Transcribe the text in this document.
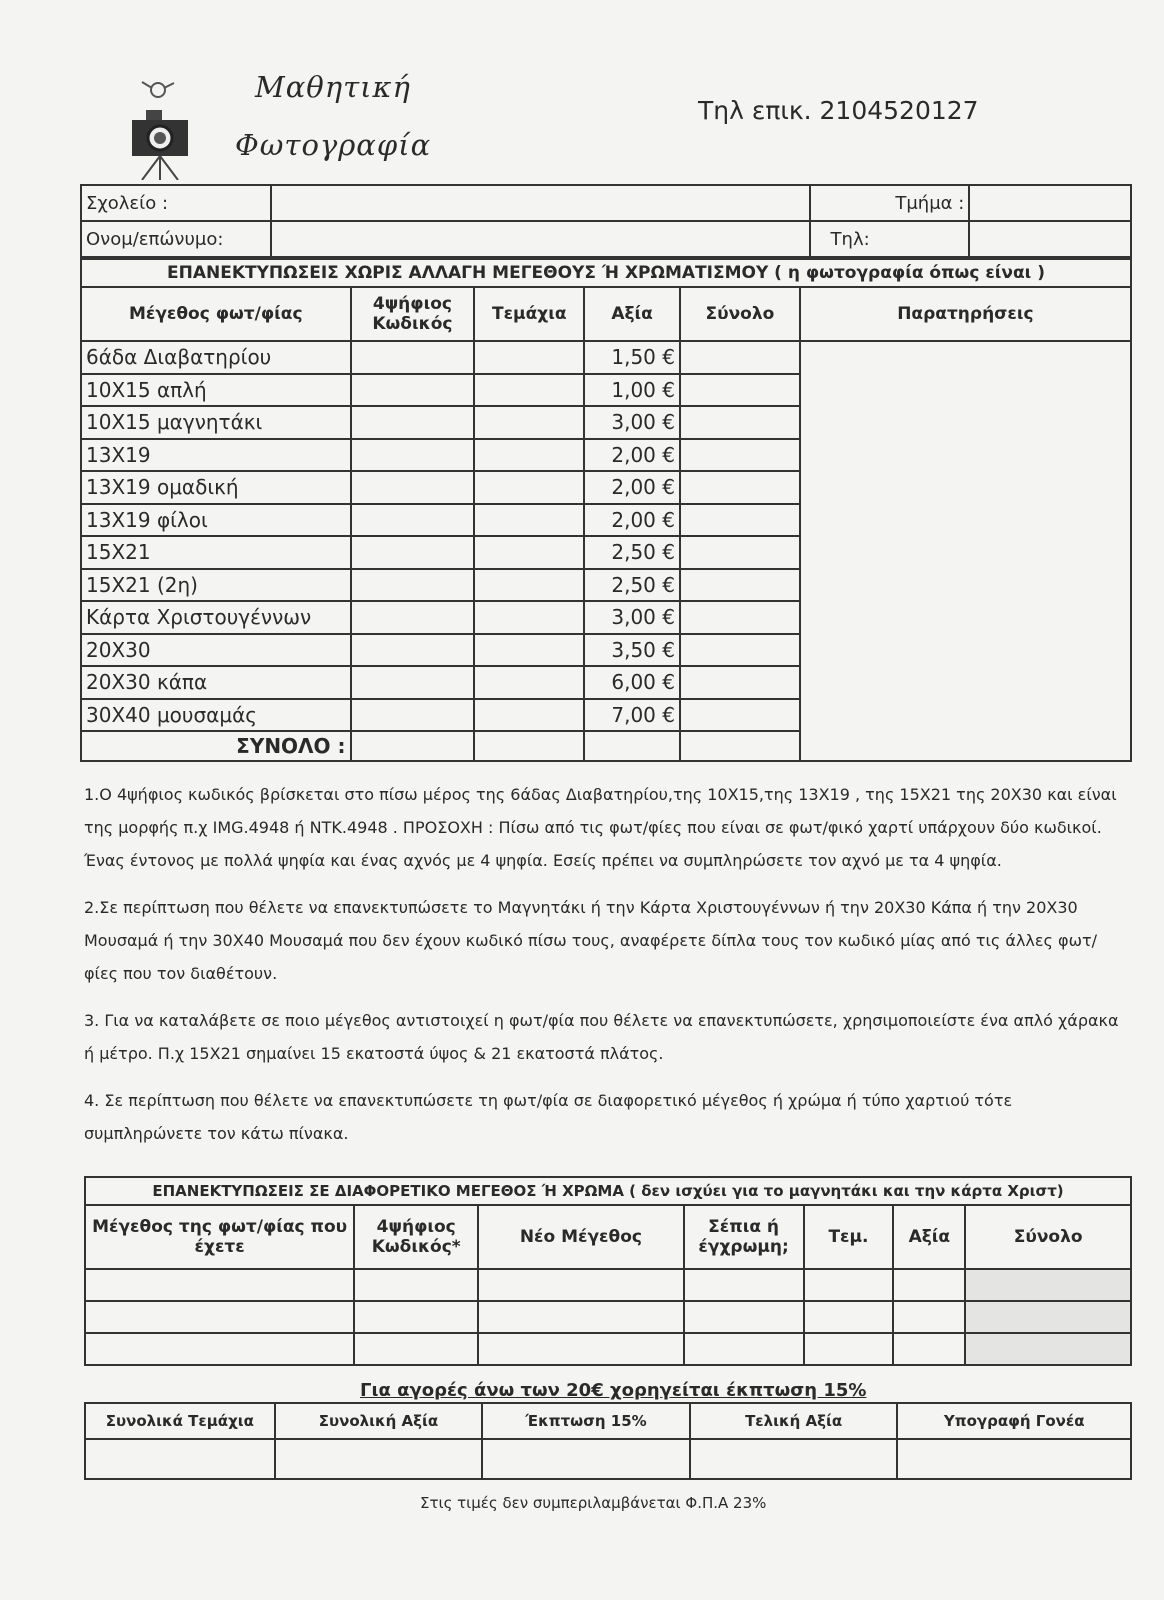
Μαθητική
Φωτογραφία
Τηλ επικ. 2104520127
Σχολείο :		Τμήμα :	
Ονομ/επώνυμο:		Τηλ:	
ΕΠΑΝΕΚΤΥΠΩΣΕΙΣ ΧΩΡΙΣ ΑΛΛΑΓΗ ΜΕΓΕΘΟΥΣ Ή ΧΡΩΜΑΤΙΣΜΟΥ ( η φωτογραφία όπως είναι )					
Μέγεθος φωτ/φίας	4ψήφιος Κωδικός	Τεμάχια	Αξία	Σύνολο	Παρατηρήσεις
6άδα Διαβατηρίου			1,50 €		
10Χ15 απλή			1,00 €		
10Χ15 μαγνητάκι			3,00 €		
13Χ19			2,00 €		
13Χ19 ομαδική			2,00 €		
13Χ19 φίλοι			2,00 €		
15Χ21			2,50 €		
15Χ21 (2η)			2,50 €		
Κάρτα Χριστουγέννων			3,00 €		
20Χ30			3,50 €		
20Χ30 κάπα			6,00 €		
30Χ40 μουσαμάς			7,00 €		
ΣΥΝΟΛΟ :					

1.Ο 4ψήφιος κωδικός βρίσκεται στο πίσω μέρος της 6άδας Διαβατηρίου,της 10Χ15,της 13Χ19 , της 15Χ21 της 20Χ30 και είναι της μορφής π.χ IMG.4948 ή NTK.4948 . ΠΡΟΣΟΧΗ : Πίσω από τις φωτ/φίες που είναι σε φωτ/φικό χαρτί υπάρχουν δύο κωδικοί. Ένας έντονος με πολλά ψηφία και ένας αχνός με 4 ψηφία. Εσείς πρέπει να συμπληρώσετε τον αχνό με τα 4 ψηφία.

2.Σε περίπτωση που θέλετε να επανεκτυπώσετε το Μαγνητάκι ή την Κάρτα Χριστουγέννων ή την 20Χ30 Κάπα ή την 20Χ30 Μουσαμά ή την 30Χ40 Μουσαμά που δεν έχουν κωδικό πίσω τους, αναφέρετε δίπλα τους τον κωδικό μίας από τις άλλες φωτ/φίες που τον διαθέτουν.

3. Για να καταλάβετε σε ποιο μέγεθος αντιστοιχεί η φωτ/φία που θέλετε να επανεκτυπώσετε, χρησιμοποιείστε ένα απλό χάρακα ή μέτρο. Π.χ 15Χ21 σημαίνει 15 εκατοστά ύψος & 21 εκατοστά πλάτος.

4. Σε περίπτωση που θέλετε να επανεκτυπώσετε τη φωτ/φία σε διαφορετικό μέγεθος ή χρώμα ή τύπο χαρτιού τότε συμπληρώνετε τον κάτω πίνακα.

ΕΠΑΝΕΚΤΥΠΩΣΕΙΣ ΣΕ ΔΙΑΦΟΡΕΤΙΚΟ ΜΕΓΕΘΟΣ Ή ΧΡΩΜΑ ( δεν ισχύει για το μαγνητάκι και την κάρτα Χριστ)						
Μέγεθος της φωτ/φίας που έχετε	4ψήφιος Κωδικός*	Νέο Μέγεθος	Σέπια ή έγχρωμη;	Τεμ.	Αξία	Σύνολο

Για αγορές άνω των 20€ χορηγείται έκπτωση 15%
Συνολικά Τεμάχια	Συνολική Αξία	Έκπτωση 15%	Τελική Αξία	Υπογραφή Γονέα

Στις τιμές δεν συμπεριλαμβάνεται Φ.Π.Α 23%
